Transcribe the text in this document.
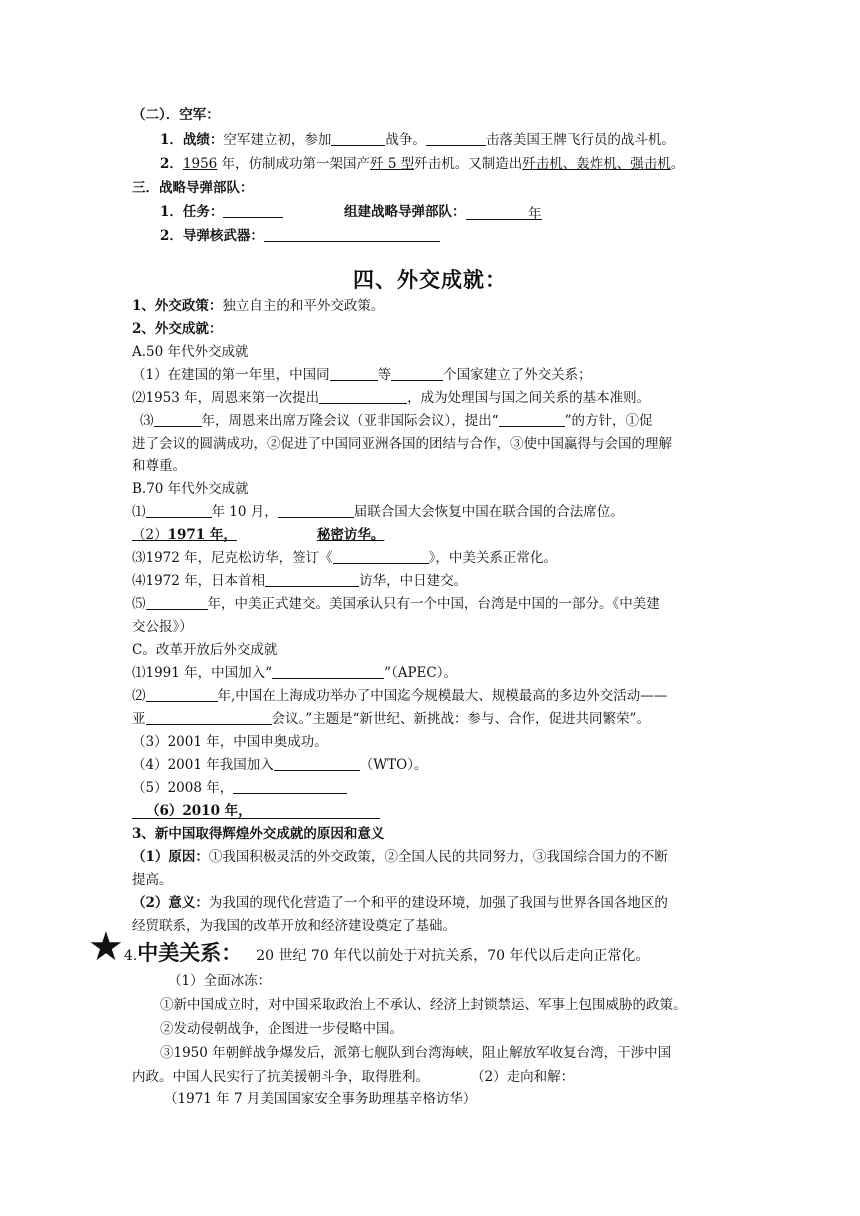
（二）．空军：
1．战绩：空军建立初，参加	战争。	击落美国王牌飞行员的战斗机。
2．1956 年，仿制成功第一架国产歼 5 型歼击机。又制造出歼击机、轰炸机、强击机。
三．战略导弹部队：
1．任务：	组建战略导弹部队：	年
2．导弹核武器：
四、外交成就：
1、外交政策：独立自主的和平外交政策。
2、外交成就：
A.50 年代外交成就
（1）在建国的第一年里，中国同	等	个国家建立了外交关系；
⑵1953 年，周恩来第一次提出	，成为处理国与国之间关系的基本准则。
⑶	年，周恩来出席万隆会议（亚非国际会议），提出“	”的方针，①促
进了会议的圆满成功，②促进了中国同亚洲各国的团结与合作，③使中国赢得与会国的理解
和尊重。
B.70 年代外交成就
⑴	年 10 月，	届联合国大会恢复中国在联合国的合法席位。
（2）1971 年，	秘密访华。
⑶1972 年，尼克松访华，签订《	》，中美关系正常化。
⑷1972 年，日本首相	访华，中日建交。
⑸	年，中美正式建交。美国承认只有一个中国，台湾是中国的一部分。《中美建
交公报》）
C。改革开放后外交成就
⑴1991 年，中国加入“	”（APEC）。
⑵	年,中国在上海成功举办了中国迄今规模最大、规模最高的多边外交活动——
亚	会议。”主题是“新世纪、新挑战：参与、合作，促进共同繁荣”。
（3）2001 年，中国申奥成功。
（4）2001 年我国加入	（WTO）。
（5）2008 年，
（6）2010 年，
3、新中国取得辉煌外交成就的原因和意义
（1）原因：①我国积极灵活的外交政策，②全国人民的共同努力，③我国综合国力的不断
提高。
（2）意义：为我国的现代化营造了一个和平的建设环境，加强了我国与世界各国各地区的
经贸联系，为我国的改革开放和经济建设奠定了基础。
★4.中美关系： 20 世纪 70 年代以前处于对抗关系，70 年代以后走向正常化。
（1）全面冰冻：
①新中国成立时，对中国采取政治上不承认、经济上封锁禁运、军事上包围威胁的政策。
②发动侵朝战争，企图进一步侵略中国。
③1950 年朝鲜战争爆发后，派第七舰队到台湾海峡，阻止解放军收复台湾，干涉中国
内政。中国人民实行了抗美援朝斗争，取得胜利。	（2）走向和解：
（1971 年 7 月美国国家安全事务助理基辛格访华）
